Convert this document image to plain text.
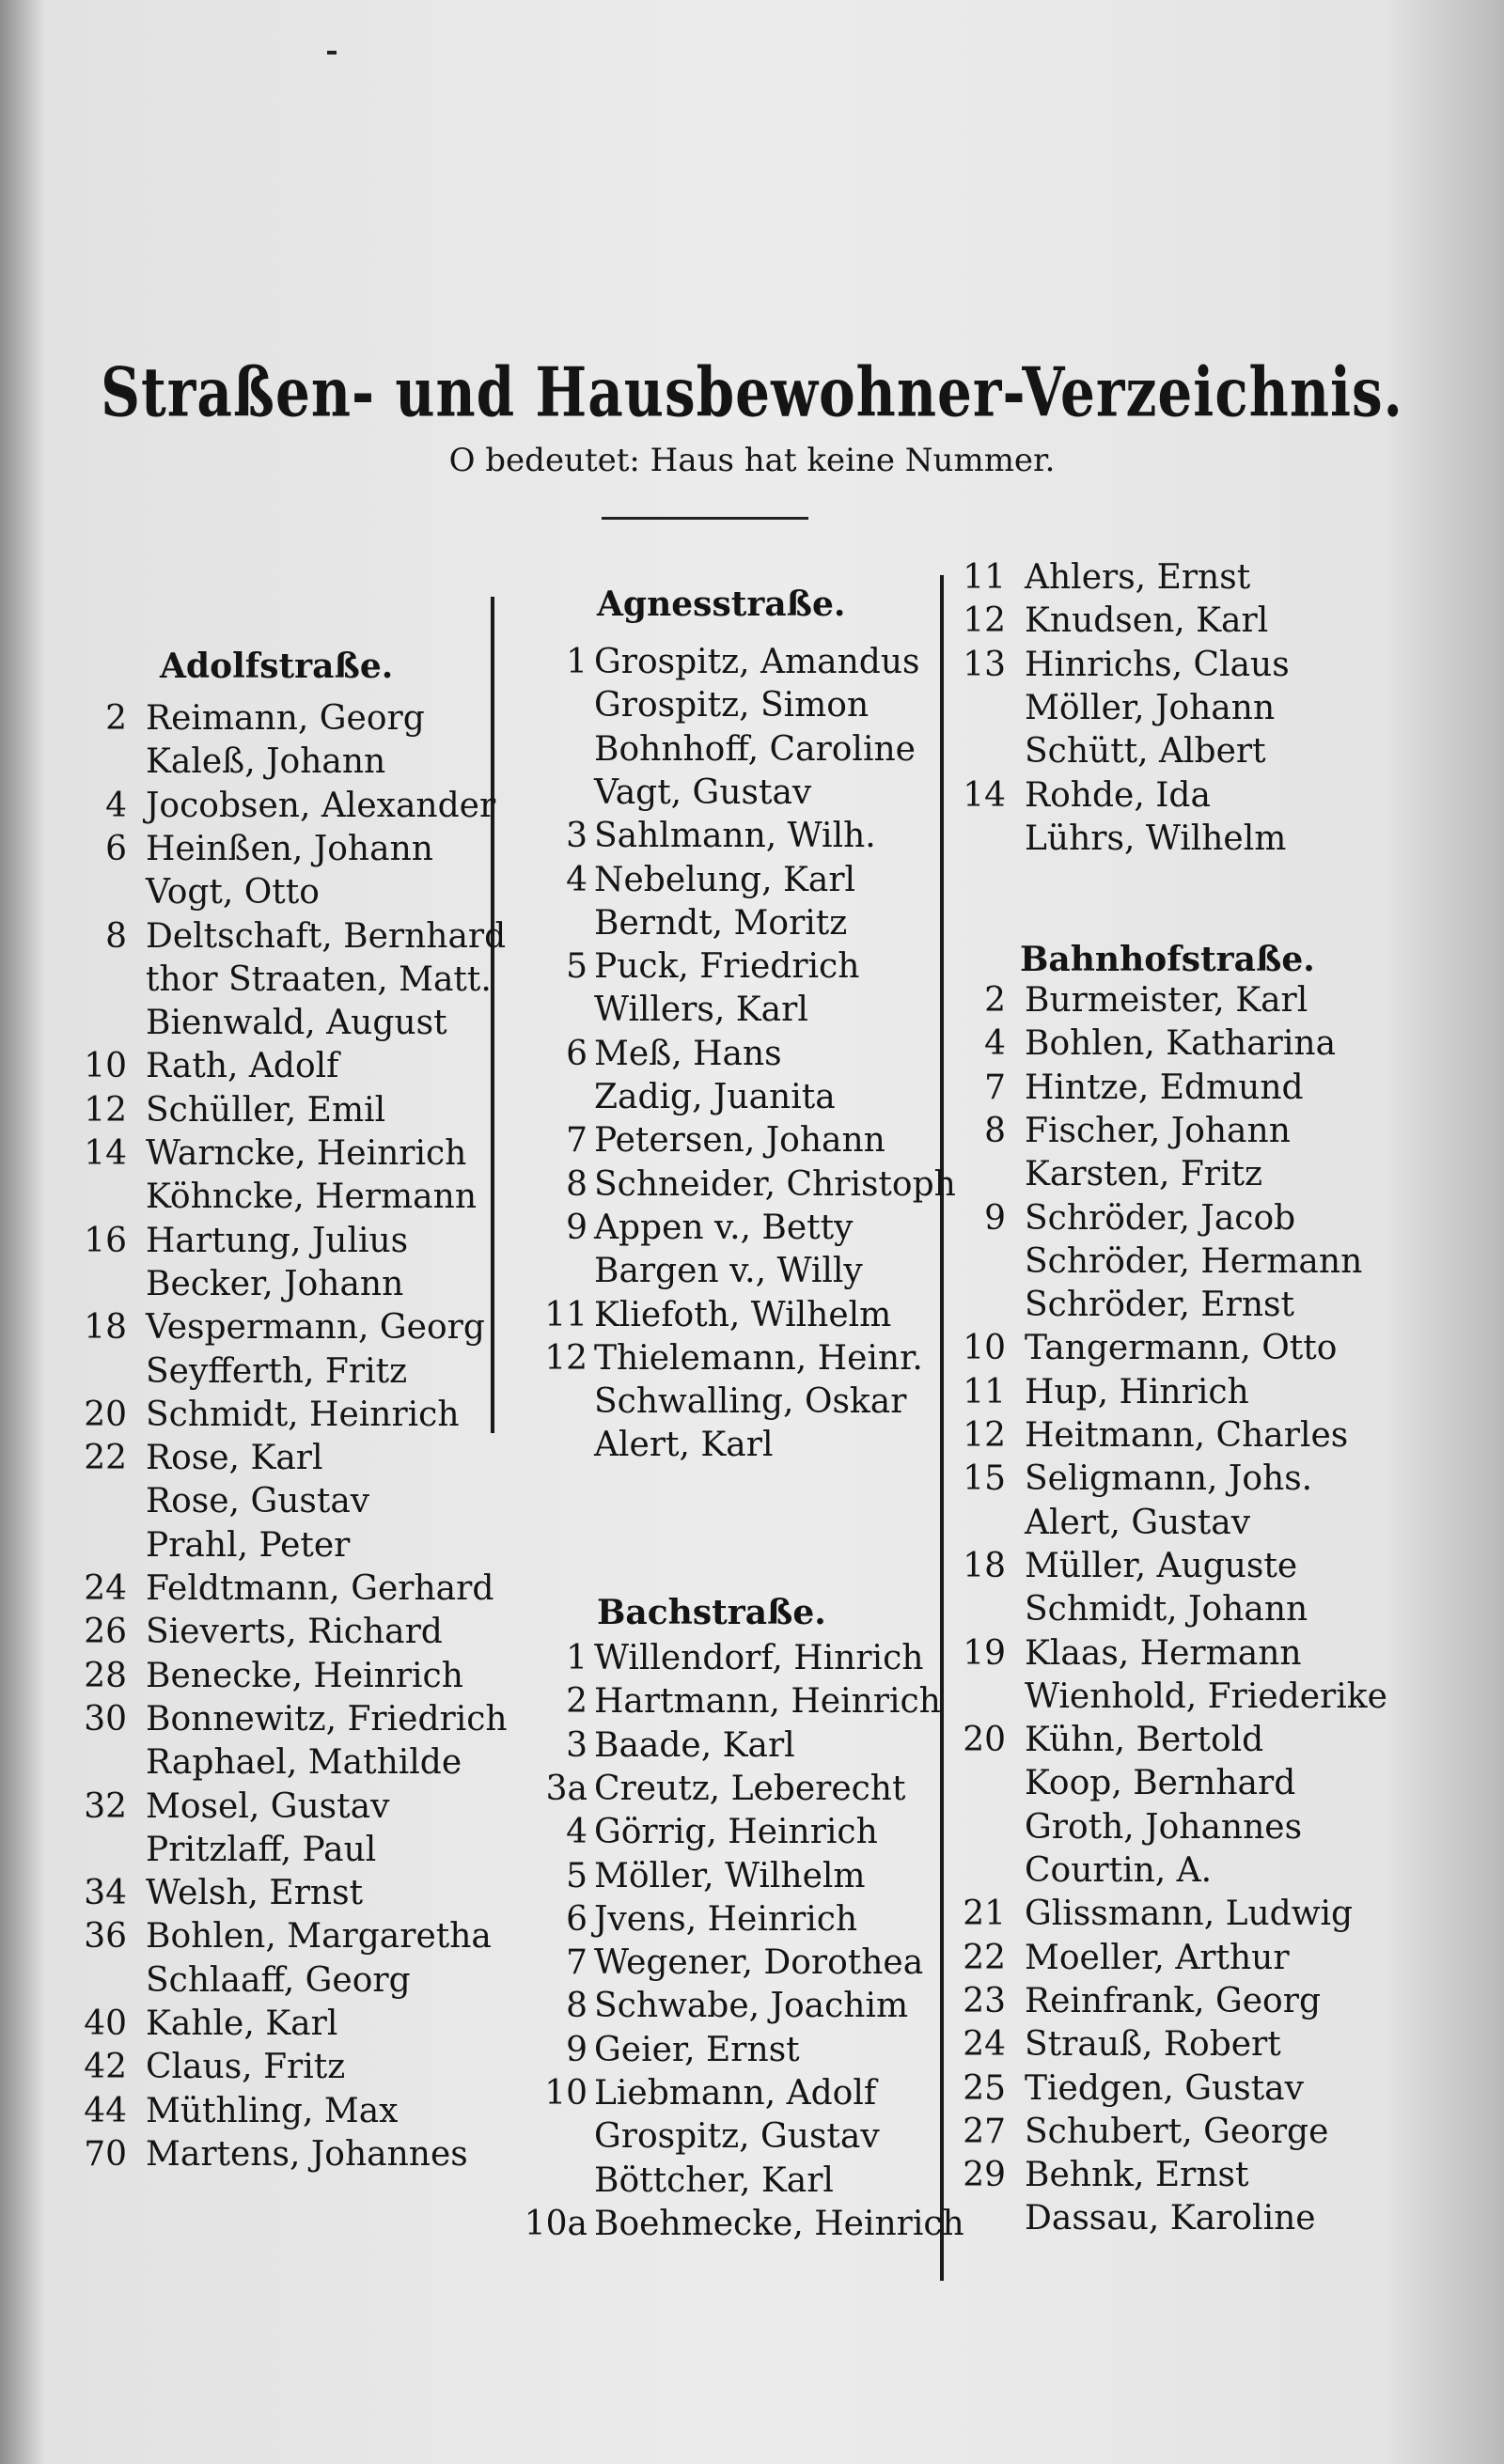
Straßen- und Hausbewohner-Verzeichnis.
O bedeutet: Haus hat keine Nummer.
Adolfstraße.
2 Reimann, Georg
Kaleß, Johann
4 Jocobsen, Alexander
6 Heinßen, Johann
Vogt, Otto
8 Deltschaft, Bernhard
thor Straaten, Matt.
Bienwald, August
10 Rath, Adolf
12 Schüller, Emil
14 Warncke, Heinrich
Köhncke, Hermann
16 Hartung, Julius
Becker, Johann
18 Vespermann, Georg
Seyfferth, Fritz
20 Schmidt, Heinrich
22 Rose, Karl
Rose, Gustav
Prahl, Peter
24 Feldtmann, Gerhard
26 Sieverts, Richard
28 Benecke, Heinrich
30 Bonnewitz, Friedrich
Raphael, Mathilde
32 Mosel, Gustav
Pritzlaff, Paul
34 Welsh, Ernst
36 Bohlen, Margaretha
Schlaaff, Georg
40 Kahle, Karl
42 Claus, Fritz
44 Müthling, Max
70 Martens, Johannes
Agnesstraße.
1 Grospitz, Amandus
Grospitz, Simon
Bohnhoff, Caroline
Vagt, Gustav
3 Sahlmann, Wilh.
4 Nebelung, Karl
Berndt, Moritz
5 Puck, Friedrich
Willers, Karl
6 Meß, Hans
Zadig, Juanita
7 Petersen, Johann
8 Schneider, Christoph
9 Appen v., Betty
Bargen v., Willy
11 Kliefoth, Wilhelm
12 Thielemann, Heinr.
Schwalling, Oskar
Alert, Karl
Bachstraße.
1 Willendorf, Hinrich
2 Hartmann, Heinrich
3 Baade, Karl
3a Creutz, Leberecht
4 Görrig, Heinrich
5 Möller, Wilhelm
6 Jvens, Heinrich
7 Wegener, Dorothea
8 Schwabe, Joachim
9 Geier, Ernst
10 Liebmann, Adolf
Grospitz, Gustav
Böttcher, Karl
10a Boehmecke, Heinrich
11 Ahlers, Ernst
12 Knudsen, Karl
13 Hinrichs, Claus
Möller, Johann
Schütt, Albert
14 Rohde, Ida
Lührs, Wilhelm
Bahnhofstraße.
2 Burmeister, Karl
4 Bohlen, Katharina
7 Hintze, Edmund
8 Fischer, Johann
Karsten, Fritz
9 Schröder, Jacob
Schröder, Hermann
Schröder, Ernst
10 Tangermann, Otto
11 Hup, Hinrich
12 Heitmann, Charles
15 Seligmann, Johs.
Alert, Gustav
18 Müller, Auguste
Schmidt, Johann
19 Klaas, Hermann
Wienhold, Friederike
20 Kühn, Bertold
Koop, Bernhard
Groth, Johannes
Courtin, A.
21 Glissmann, Ludwig
22 Moeller, Arthur
23 Reinfrank, Georg
24 Strauß, Robert
25 Tiedgen, Gustav
27 Schubert, George
29 Behnk, Ernst
Dassau, Karoline
